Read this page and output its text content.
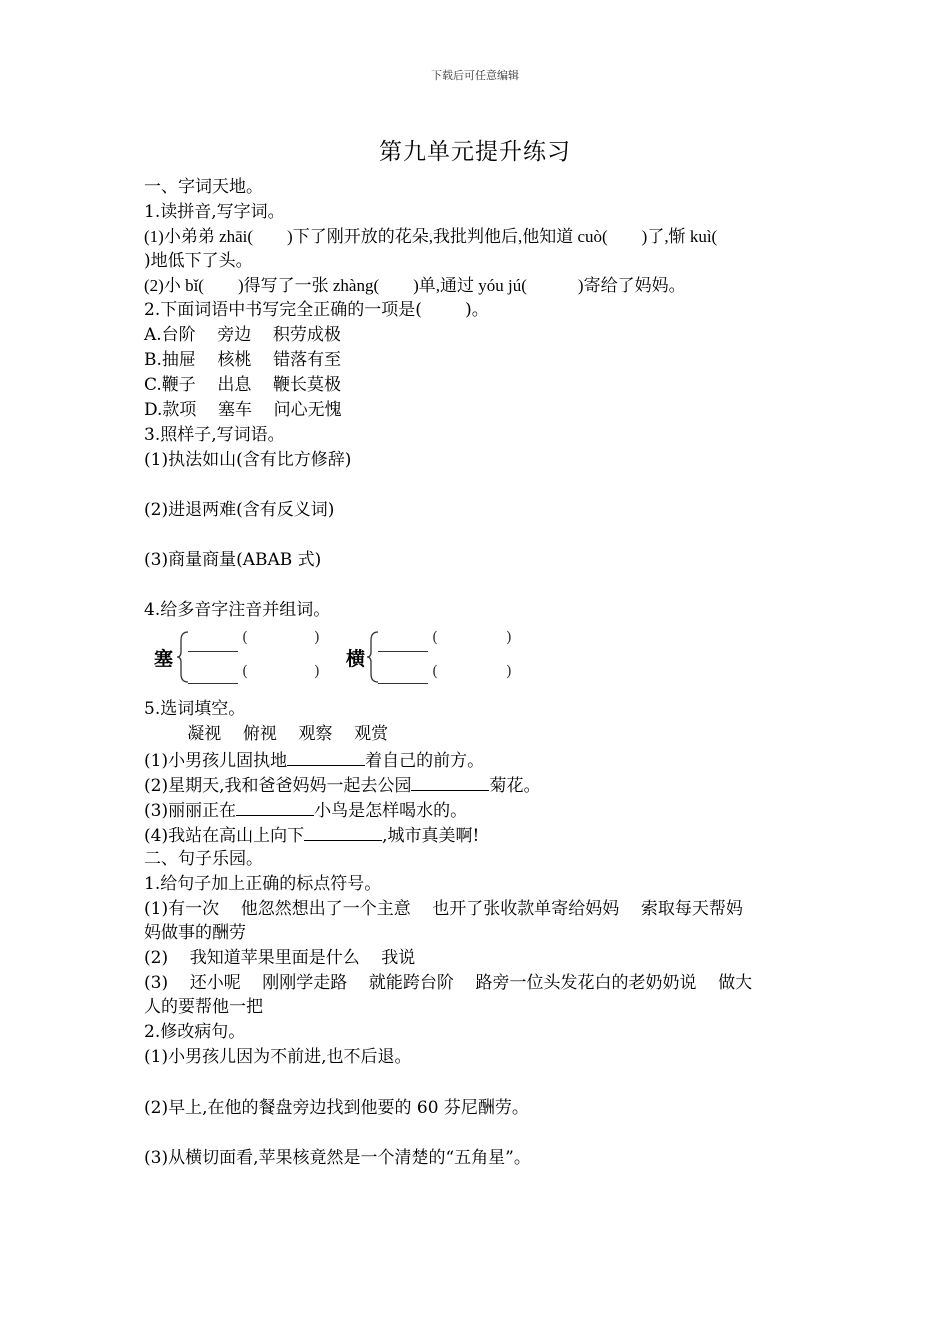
下载后可任意编辑
第九单元提升练习

一、字词天地。

1.读拼音,写字词。

(1)小弟弟 zhāi(        )下了刚开放的花朵,我批判他后,他知道 cuò(        )了,惭 kuì(

)地低下了头。

(2)小 bǐ(        )得写了一张 zhàng(        )单,通过 yóu jú(            )寄给了妈妈。

2.下面词语中书写完全正确的一项是(        )。

A.台阶    旁边    积劳成极

B.抽屉    核桃    错落有至

C.鞭子    出息    鞭长莫极

D.款项    塞车    问心无愧

3.照样子,写词语。

(1)执法如山(含有比方修辞)

(2)进退两难(含有反义词)

(3)商量商量(ABAB 式)

4.给多音字注音并组词。

塞
(	)
(	)
横
(	)
(	)

5.选词填空。

凝视    俯视    观察    观赏

(1)小男孩儿固执地	着自己的前方。

(2)星期天,我和爸爸妈妈一起去公园	菊花。

(3)丽丽正在	小鸟是怎样喝水的。

(4)我站在高山上向下	,城市真美啊!

二、句子乐园。

1.给句子加上正确的标点符号。

(1)有一次    他忽然想出了一个主意    也开了张收款单寄给妈妈    索取每天帮妈

妈做事的酬劳

(2)    我知道苹果里面是什么    我说

(3)    还小呢    刚刚学走路    就能跨台阶    路旁一位头发花白的老奶奶说    做大

人的要帮他一把

2.修改病句。

(1)小男孩儿因为不前进,也不后退。

(2)早上,在他的餐盘旁边找到他要的 60 芬尼酬劳。

(3)从横切面看,苹果核竟然是一个清楚的“五角星”。
